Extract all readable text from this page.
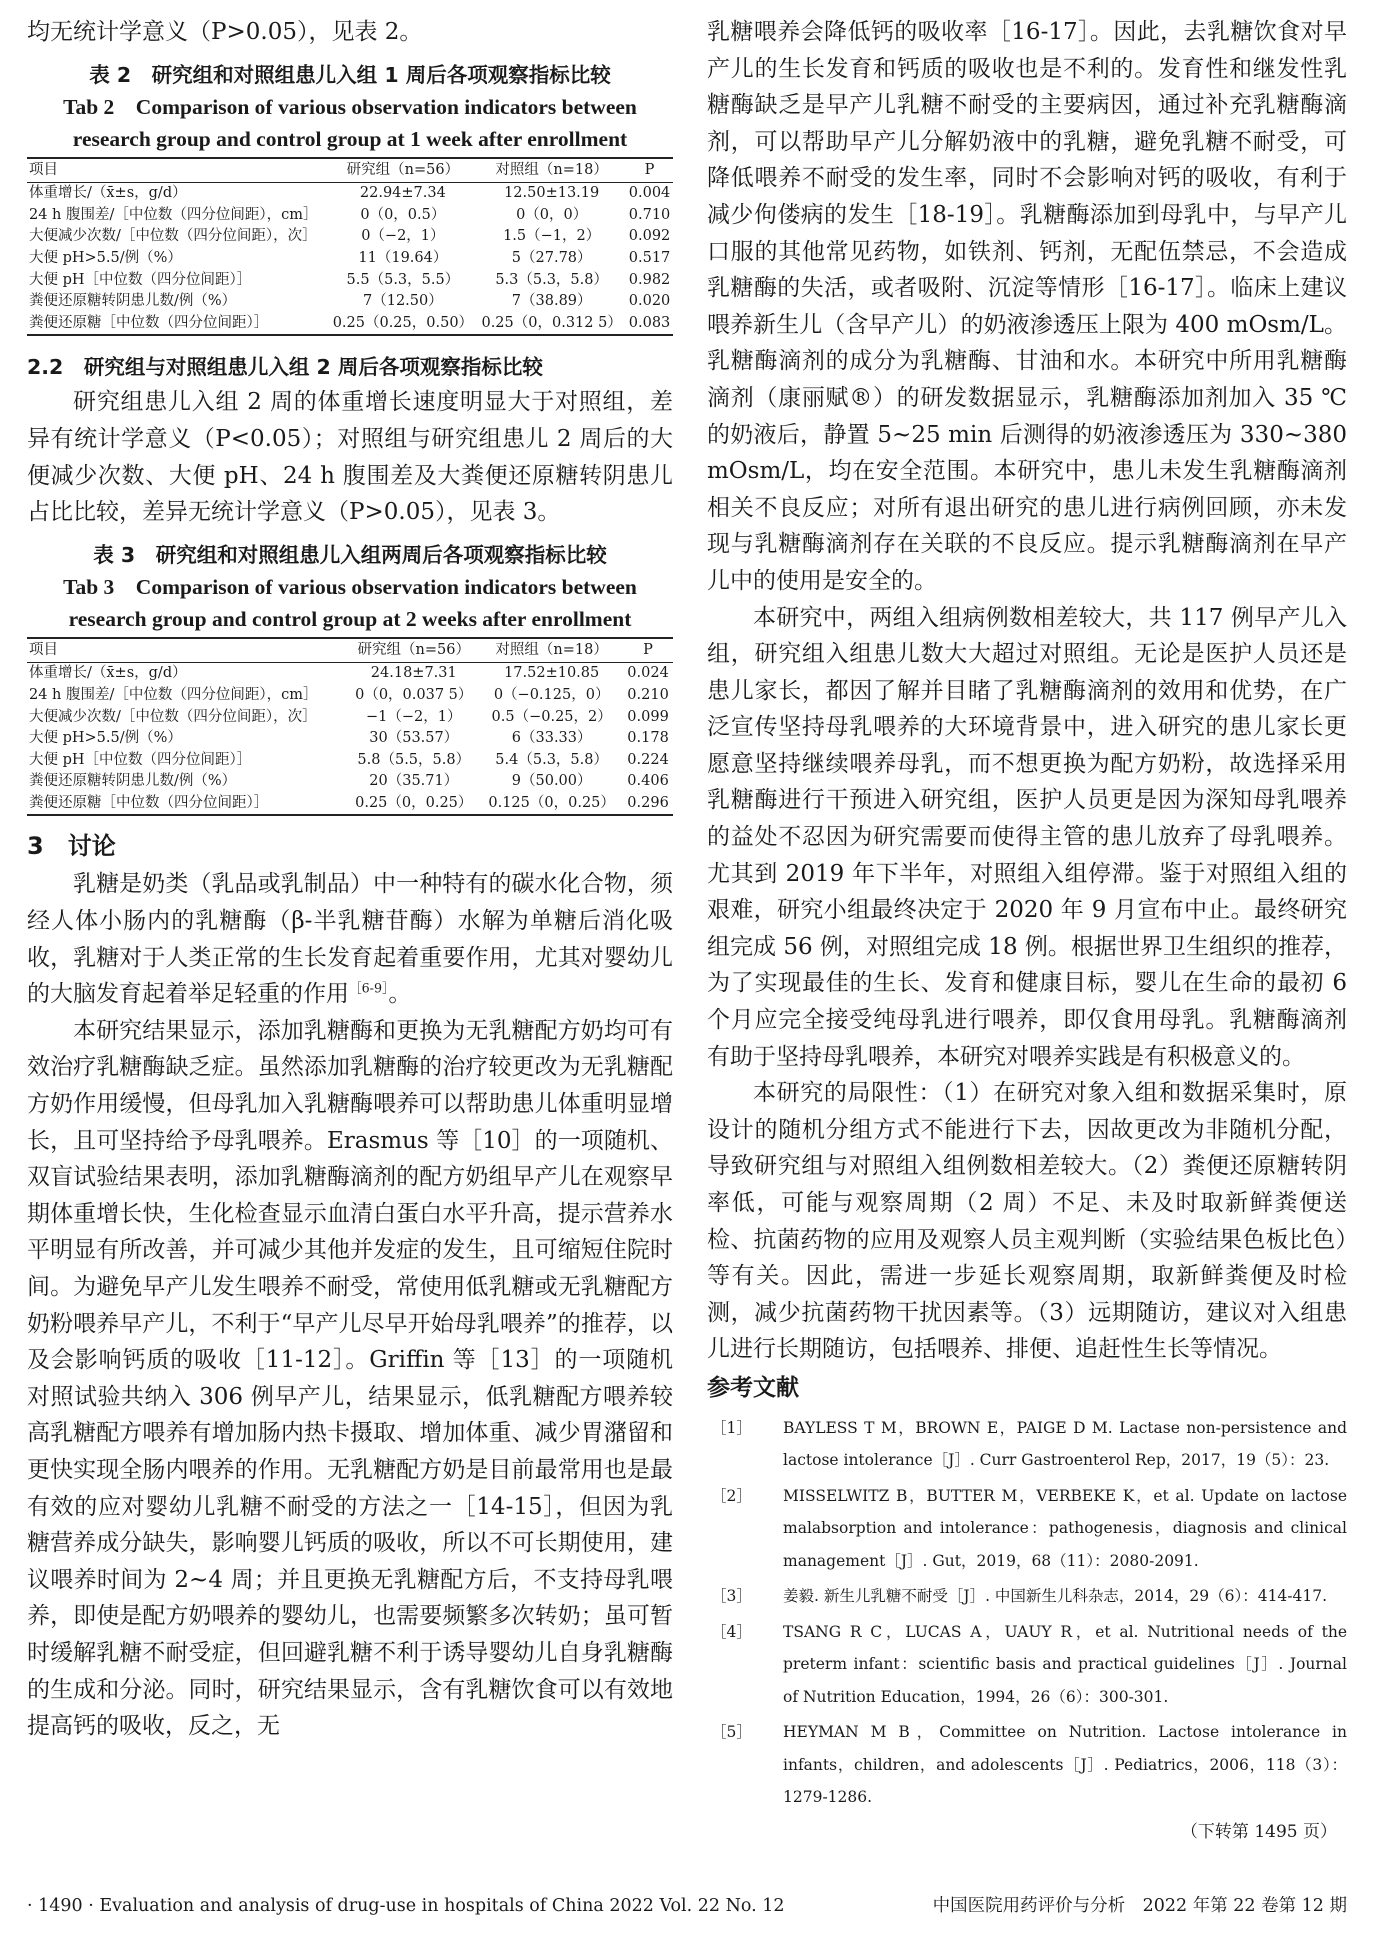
均无统计学意义（P>0.05），见表 2。

表 2　研究组和对照组患儿入组 1 周后各项观察指标比较
Tab 2　Comparison of various observation indicators between research group and control group at 1 week after enrollment
项目	研究组（n=56）	对照组（n=18）	P
体重增长/（x̄±s，g/d）	22.94±7.34	12.50±13.19	0.004
24 h 腹围差/［中位数（四分位间距），cm］	0（0，0.5）	0（0，0）	0.710
大便减少次数/［中位数（四分位间距），次］	0（−2，1）	1.5（−1，2）	0.092
大便 pH>5.5/例（%）	11（19.64）	5（27.78）	0.517
大便 pH［中位数（四分位间距）］	5.5（5.3，5.5）	5.3（5.3，5.8）	0.982
粪便还原糖转阴患儿数/例（%）	7（12.50）	7（38.89）	0.020
粪便还原糖［中位数（四分位间距）］	0.25（0.25，0.50）	0.25（0，0.312 5）	0.083
2.2　研究组与对照组患儿入组 2 周后各项观察指标比较

研究组患儿入组 2 周的体重增长速度明显大于对照组，差异有统计学意义（P<0.05）；对照组与研究组患儿 2 周后的大便减少次数、大便 pH、24 h 腹围差及大粪便还原糖转阴患儿占比比较，差异无统计学意义（P>0.05），见表 3。

表 3　研究组和对照组患儿入组两周后各项观察指标比较
Tab 3　Comparison of various observation indicators between research group and control group at 2 weeks after enrollment
项目	研究组（n=56）	对照组（n=18）	P
体重增长/（x̄±s，g/d）	24.18±7.31	17.52±10.85	0.024
24 h 腹围差/［中位数（四分位间距），cm］	0（0，0.037 5）	0（−0.125，0）	0.210
大便减少次数/［中位数（四分位间距），次］	−1（−2，1）	0.5（−0.25，2）	0.099
大便 pH>5.5/例（%）	30（53.57）	6（33.33）	0.178
大便 pH［中位数（四分位间距）］	5.8（5.5，5.8）	5.4（5.3，5.8）	0.224
粪便还原糖转阴患儿数/例（%）	20（35.71）	9（50.00）	0.406
粪便还原糖［中位数（四分位间距）］	0.25（0，0.25）	0.125（0，0.25）	0.296
3　讨论

乳糖是奶类（乳品或乳制品）中一种特有的碳水化合物，须经人体小肠内的乳糖酶（β-半乳糖苷酶）水解为单糖后消化吸收，乳糖对于人类正常的生长发育起着重要作用，尤其对婴幼儿的大脑发育起着举足轻重的作用$^{[6-9]}$。

本研究结果显示，添加乳糖酶和更换为无乳糖配方奶均可有效治疗乳糖酶缺乏症。虽然添加乳糖酶的治疗较更改为无乳糖配方奶作用缓慢，但母乳加入乳糖酶喂养可以帮助患儿体重明显增长，且可坚持给予母乳喂养。Erasmus 等［10］的一项随机、双盲试验结果表明，添加乳糖酶滴剂的配方奶组早产儿在观察早期体重增长快，生化检查显示血清白蛋白水平升高，提示营养水平明显有所改善，并可减少其他并发症的发生，且可缩短住院时间。为避免早产儿发生喂养不耐受，常使用低乳糖或无乳糖配方奶粉喂养早产儿，不利于“早产儿尽早开始母乳喂养”的推荐，以及会影响钙质的吸收［11-12］。Griffin 等［13］的一项随机对照试验共纳入 306 例早产儿，结果显示，低乳糖配方喂养较高乳糖配方喂养有增加肠内热卡摄取、增加体重、减少胃潴留和更快实现全肠内喂养的作用。无乳糖配方奶是目前最常用也是最有效的应对婴幼儿乳糖不耐受的方法之一［14-15］，但因为乳糖营养成分缺失，影响婴儿钙质的吸收，所以不可长期使用，建议喂养时间为 2~4 周；并且更换无乳糖配方后，不支持母乳喂养，即使是配方奶喂养的婴幼儿，也需要频繁多次转奶；虽可暂时缓解乳糖不耐受症，但回避乳糖不利于诱导婴幼儿自身乳糖酶的生成和分泌。同时，研究结果显示，含有乳糖饮食可以有效地提高钙的吸收，反之，无

乳糖喂养会降低钙的吸收率［16-17］。因此，去乳糖饮食对早产儿的生长发育和钙质的吸收也是不利的。发育性和继发性乳糖酶缺乏是早产儿乳糖不耐受的主要病因，通过补充乳糖酶滴剂，可以帮助早产儿分解奶液中的乳糖，避免乳糖不耐受，可降低喂养不耐受的发生率，同时不会影响对钙的吸收，有利于减少佝偻病的发生［18-19］。乳糖酶添加到母乳中，与早产儿口服的其他常见药物，如铁剂、钙剂，无配伍禁忌，不会造成乳糖酶的失活，或者吸附、沉淀等情形［16-17］。临床上建议喂养新生儿（含早产儿）的奶液渗透压上限为 400 mOsm/L。乳糖酶滴剂的成分为乳糖酶、甘油和水。本研究中所用乳糖酶滴剂（康丽赋®）的研发数据显示，乳糖酶添加剂加入 35 ℃的奶液后，静置 5~25 min 后测得的奶液渗透压为 330~380 mOsm/L，均在安全范围。本研究中，患儿未发生乳糖酶滴剂相关不良反应；对所有退出研究的患儿进行病例回顾，亦未发现与乳糖酶滴剂存在关联的不良反应。提示乳糖酶滴剂在早产儿中的使用是安全的。

本研究中，两组入组病例数相差较大，共 117 例早产儿入组，研究组入组患儿数大大超过对照组。无论是医护人员还是患儿家长，都因了解并目睹了乳糖酶滴剂的效用和优势，在广泛宣传坚持母乳喂养的大环境背景中，进入研究的患儿家长更愿意坚持继续喂养母乳，而不想更换为配方奶粉，故选择采用乳糖酶进行干预进入研究组，医护人员更是因为深知母乳喂养的益处不忍因为研究需要而使得主管的患儿放弃了母乳喂养。尤其到 2019 年下半年，对照组入组停滞。鉴于对照组入组的艰难，研究小组最终决定于 2020 年 9 月宣布中止。最终研究组完成 56 例，对照组完成 18 例。根据世界卫生组织的推荐，为了实现最佳的生长、发育和健康目标，婴儿在生命的最初 6 个月应完全接受纯母乳进行喂养，即仅食用母乳。乳糖酶滴剂有助于坚持母乳喂养，本研究对喂养实践是有积极意义的。

本研究的局限性：（1）在研究对象入组和数据采集时，原设计的随机分组方式不能进行下去，因故更改为非随机分配，导致研究组与对照组入组例数相差较大。（2）粪便还原糖转阴率低，可能与观察周期（2 周）不足、未及时取新鲜粪便送检、抗菌药物的应用及观察人员主观判断（实验结果色板比色）等有关。因此，需进一步延长观察周期，取新鲜粪便及时检测，减少抗菌药物干扰因素等。（3）远期随访，建议对入组患儿进行长期随访，包括喂养、排便、追赶性生长等情况。

参考文献
［1］	BAYLESS T M，BROWN E，PAIGE D M. Lactase non-persistence and lactose intolerance［J］. Curr Gastroenterol Rep，2017，19（5）：23.
［2］	MISSELWITZ B，BUTTER M，VERBEKE K，et al. Update on lactose malabsorption and intolerance：pathogenesis，diagnosis and clinical management［J］. Gut，2019，68（11）：2080-2091.
［3］	姜毅. 新生儿乳糖不耐受［J］. 中国新生儿科杂志，2014，29（6）：414-417.
［4］	TSANG R C，LUCAS A，UAUY R，et al. Nutritional needs of the preterm infant：scientific basis and practical guidelines［J］. Journal of Nutrition Education，1994，26（6）：300-301.
［5］	HEYMAN M B，Committee on Nutrition. Lactose intolerance in infants，children，and adolescents［J］. Pediatrics，2006，118（3）：1279-1286.
（下转第 1495 页）
· 1490 · Evaluation and analysis of drug-use in hospitals of China 2022 Vol. 22 No. 12	中国医院用药评价与分析　2022 年第 22 卷第 12 期
